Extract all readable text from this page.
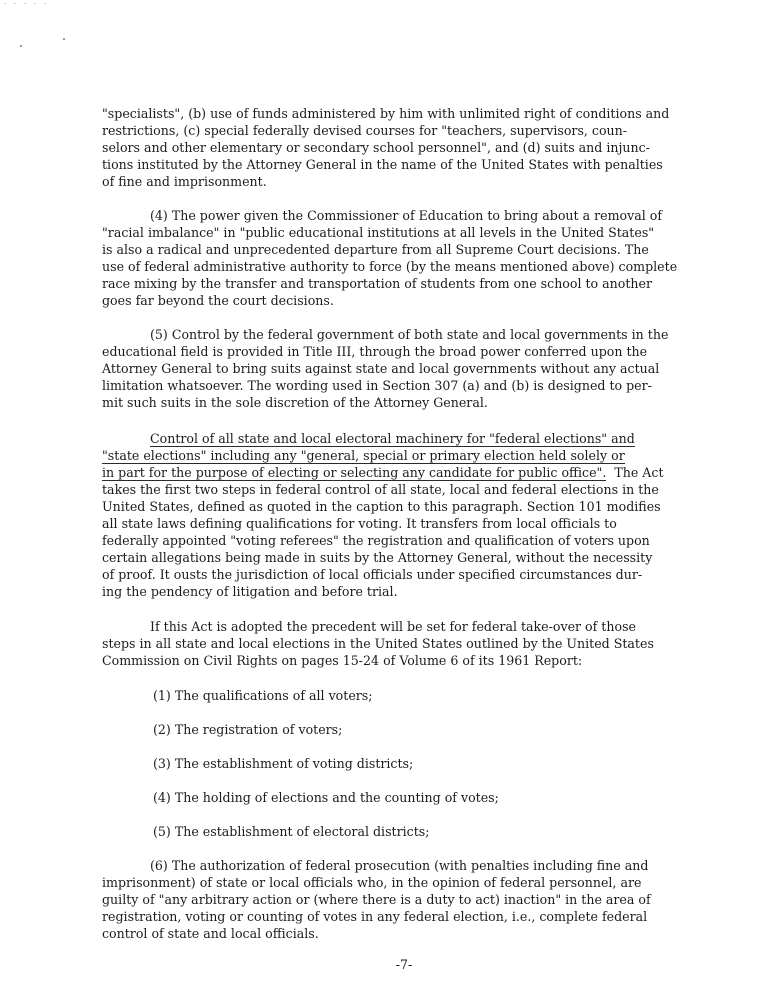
- - - - -
"specialists", (b) use of funds administered by him with unlimited right of conditions and
restrictions, (c) special federally devised courses for "teachers, supervisors, coun-
selors and other elementary or secondary school personnel", and (d) suits and injunc-
tions instituted by the Attorney General in the name of the United States with penalties
of fine and imprisonment.
(4) The power given the Commissioner of Education to bring about a removal of
"racial imbalance" in "public educational institutions at all levels in the United States"
is also a radical and unprecedented departure from all Supreme Court decisions. The
use of federal administrative authority to force (by the means mentioned above) complete
race mixing by the transfer and transportation of students from one school to another
goes far beyond the court decisions.
(5) Control by the federal government of both state and local governments in the
educational field is provided in Title III, through the broad power conferred upon the
Attorney General to bring suits against state and local governments without any actual
limitation whatsoever. The wording used in Section 307 (a) and (b) is designed to per-
mit such suits in the sole discretion of the Attorney General.
Control of all state and local electoral machinery for "federal elections" and
"state elections" including any "general, special or primary election held solely or
in part for the purpose of electing or selecting any candidate for public office".  The Act
takes the first two steps in federal control of all state, local and federal elections in the
United States, defined as quoted in the caption to this paragraph. Section 101 modifies
all state laws defining qualifications for voting. It transfers from local officials to
federally appointed "voting referees" the registration and qualification of voters upon
certain allegations being made in suits by the Attorney General, without the necessity
of proof. It ousts the jurisdiction of local officials under specified circumstances dur-
ing the pendency of litigation and before trial.
If this Act is adopted the precedent will be set for federal take-over of those
steps in all state and local elections in the United States outlined by the United States
Commission on Civil Rights on pages 15-24 of Volume 6 of its 1961 Report:
(1) The qualifications of all voters;
(2) The registration of voters;
(3) The establishment of voting districts;
(4) The holding of elections and the counting of votes;
(5) The establishment of electoral districts;
(6) The authorization of federal prosecution (with penalties including fine and
imprisonment) of state or local officials who, in the opinion of federal personnel, are
guilty of "any arbitrary action or (where there is a duty to act) inaction" in the area of
registration, voting or counting of votes in any federal election, i.e., complete federal
control of state and local officials.
-7-
